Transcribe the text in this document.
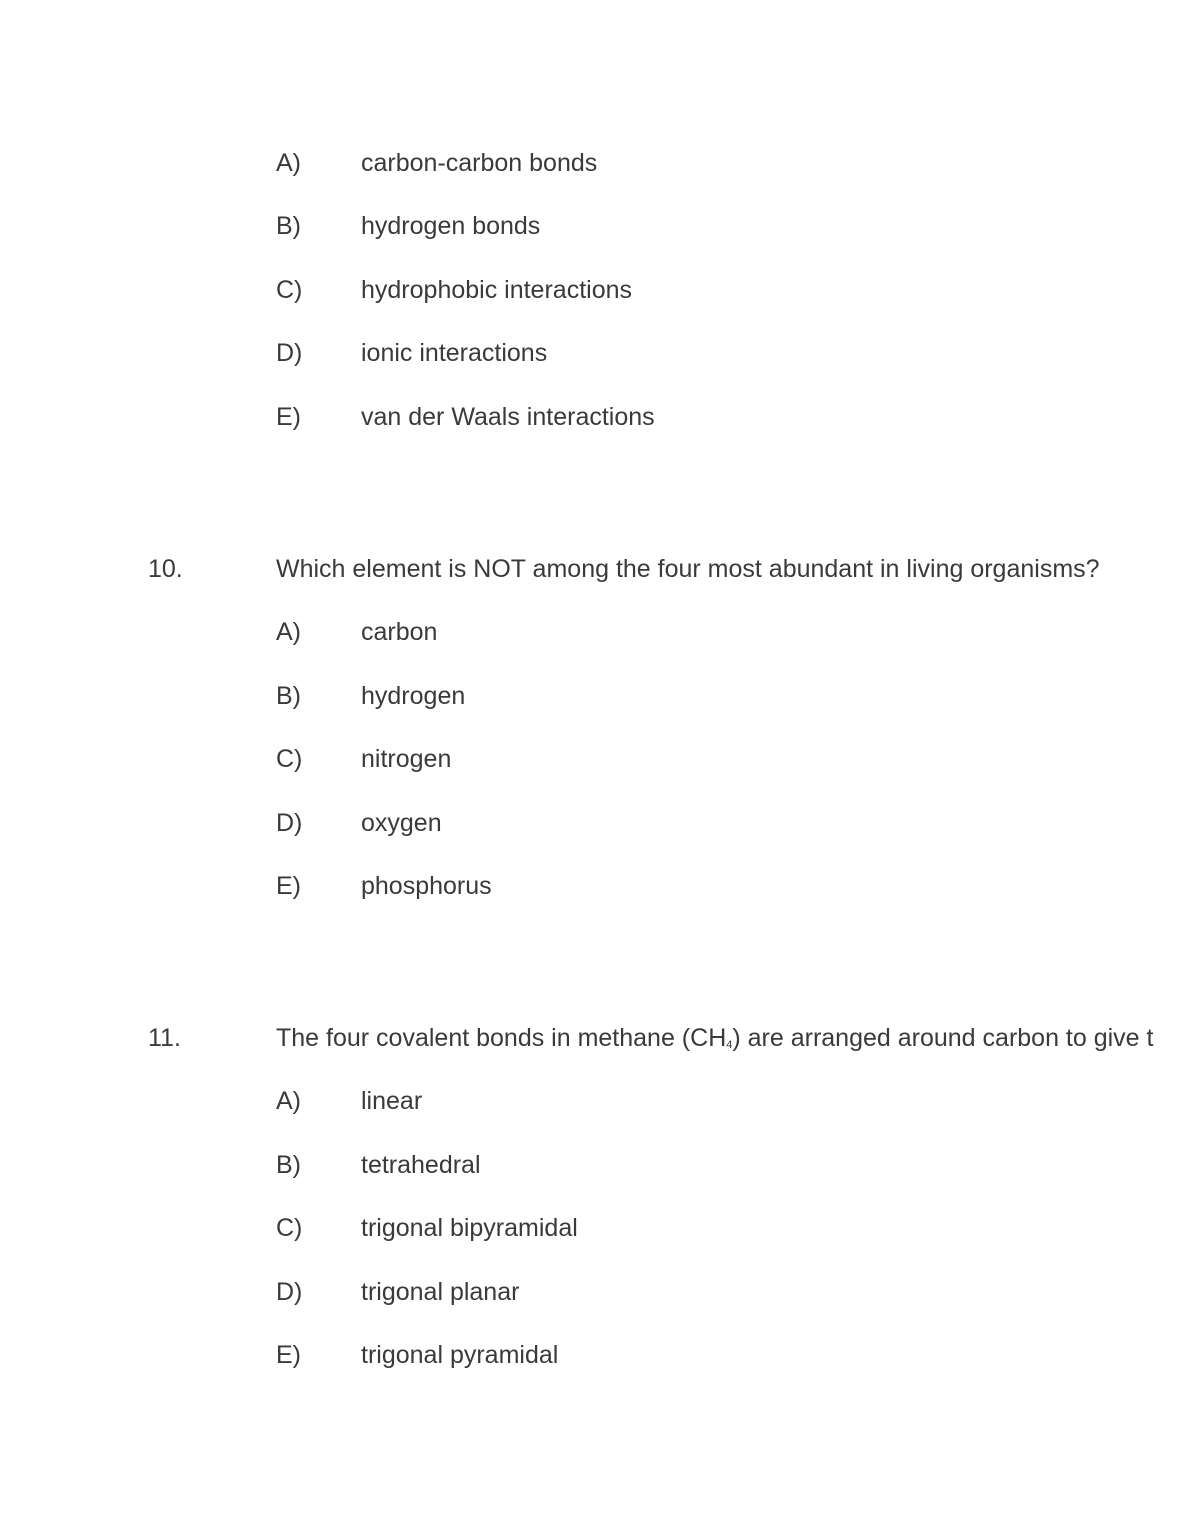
A) carbon-carbon bonds
B) hydrogen bonds
C) hydrophobic interactions
D) ionic interactions
E) van der Waals interactions
10.	Which element is NOT among the four most abundant in living organisms?
A) carbon
B) hydrogen
C) nitrogen
D) oxygen
E) phosphorus
11.	The four covalent bonds in methane (CH4) are arranged around carbon to give t
A) linear
B) tetrahedral
C) trigonal bipyramidal
D) trigonal planar
E) trigonal pyramidal
